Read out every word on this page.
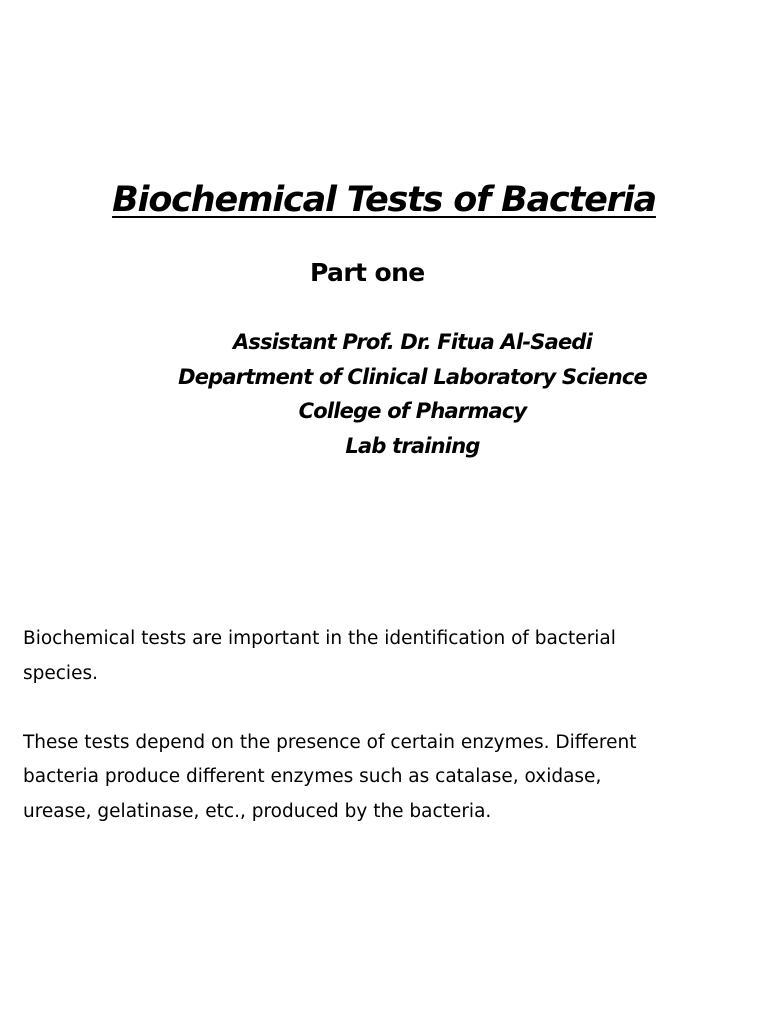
Biochemical Tests of Bacteria
Part one
Assistant Prof. Dr. Fitua Al-Saedi
Department of Clinical Laboratory Science
College of Pharmacy
Lab training

Biochemical tests are important in the identification of bacterial
species.

These tests depend on the presence of certain enzymes. Different
bacteria produce different enzymes such as catalase, oxidase,
urease, gelatinase, etc., produced by the bacteria.
